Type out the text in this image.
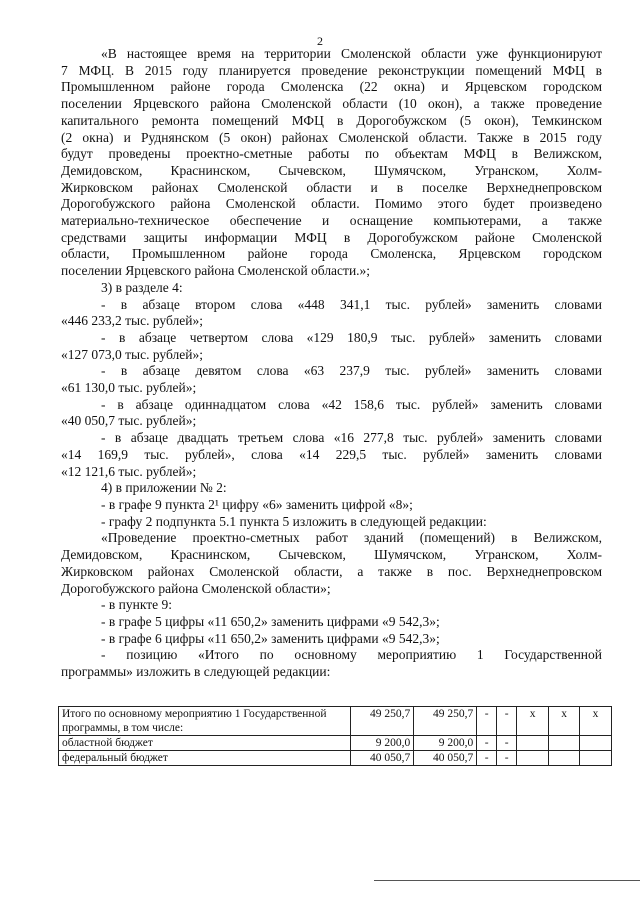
2

«В настоящее время на территории Смоленской области уже функционируют

7 МФЦ. В 2015 году планируется проведение реконструкции помещений МФЦ в

Промышленном районе города Смоленска (22 окна) и Ярцевском городском

поселении Ярцевского района Смоленской области (10 окон), а также проведение

капитального ремонта помещений МФЦ в Дорогобужском (5 окон), Темкинском

(2 окна) и Руднянском (5 окон) районах Смоленской области. Также в 2015 году

будут проведены проектно-сметные работы по объектам МФЦ в Велижском,

Демидовском, Краснинском, Сычевском, Шумячском, Угранском, Холм-

Жирковском районах Смоленской области и в поселке Верхнеднепровском

Дорогобужского района Смоленской области. Помимо этого будет произведено

материально-техническое обеспечение и оснащение компьютерами, а также

средствами защиты информации МФЦ в Дорогобужском районе Смоленской

области, Промышленном районе города Смоленска, Ярцевском городском

поселении Ярцевского района Смоленской области.»;

3) в разделе 4:

- в абзаце втором слова «448 341,1 тыс. рублей» заменить словами

«446 233,2 тыс. рублей»;

- в абзаце четвертом слова «129 180,9 тыс. рублей» заменить словами

«127 073,0 тыс. рублей»;

- в абзаце девятом слова «63 237,9 тыс. рублей» заменить словами

«61 130,0 тыс. рублей»;

- в абзаце одиннадцатом слова «42 158,6 тыс. рублей» заменить словами

«40 050,7 тыс. рублей»;

- в абзаце двадцать третьем слова «16 277,8 тыс. рублей» заменить словами

«14 169,9 тыс. рублей», слова «14 229,5 тыс. рублей» заменить словами

«12 121,6 тыс. рублей»;

4) в приложении № 2:

- в графе 9 пункта 2¹ цифру «6» заменить цифрой «8»;

- графу 2 подпункта 5.1 пункта 5 изложить в следующей редакции:

«Проведение проектно-сметных работ зданий (помещений) в Велижском,

Демидовском, Краснинском, Сычевском, Шумячском, Угранском, Холм-

Жирковском районах Смоленской области, а также в пос. Верхнеднепровском

Дорогобужского района Смоленской области»;

- в пункте 9:

- в графе 5 цифры «11 650,2» заменить цифрами «9 542,3»;

- в графе 6 цифры «11 650,2» заменить цифрами «9 542,3»;

- позицию «Итого по основному мероприятию 1 Государственной

программы» изложить в следующей редакции:

Итого по основному мероприятию 1 Государственной программы, в том числе:	49 250,7	49 250,7	-	-	х	х	х
областной бюджет	9 200,0	9 200,0	-	-			
федеральный бюджет	40 050,7	40 050,7	-	-			
